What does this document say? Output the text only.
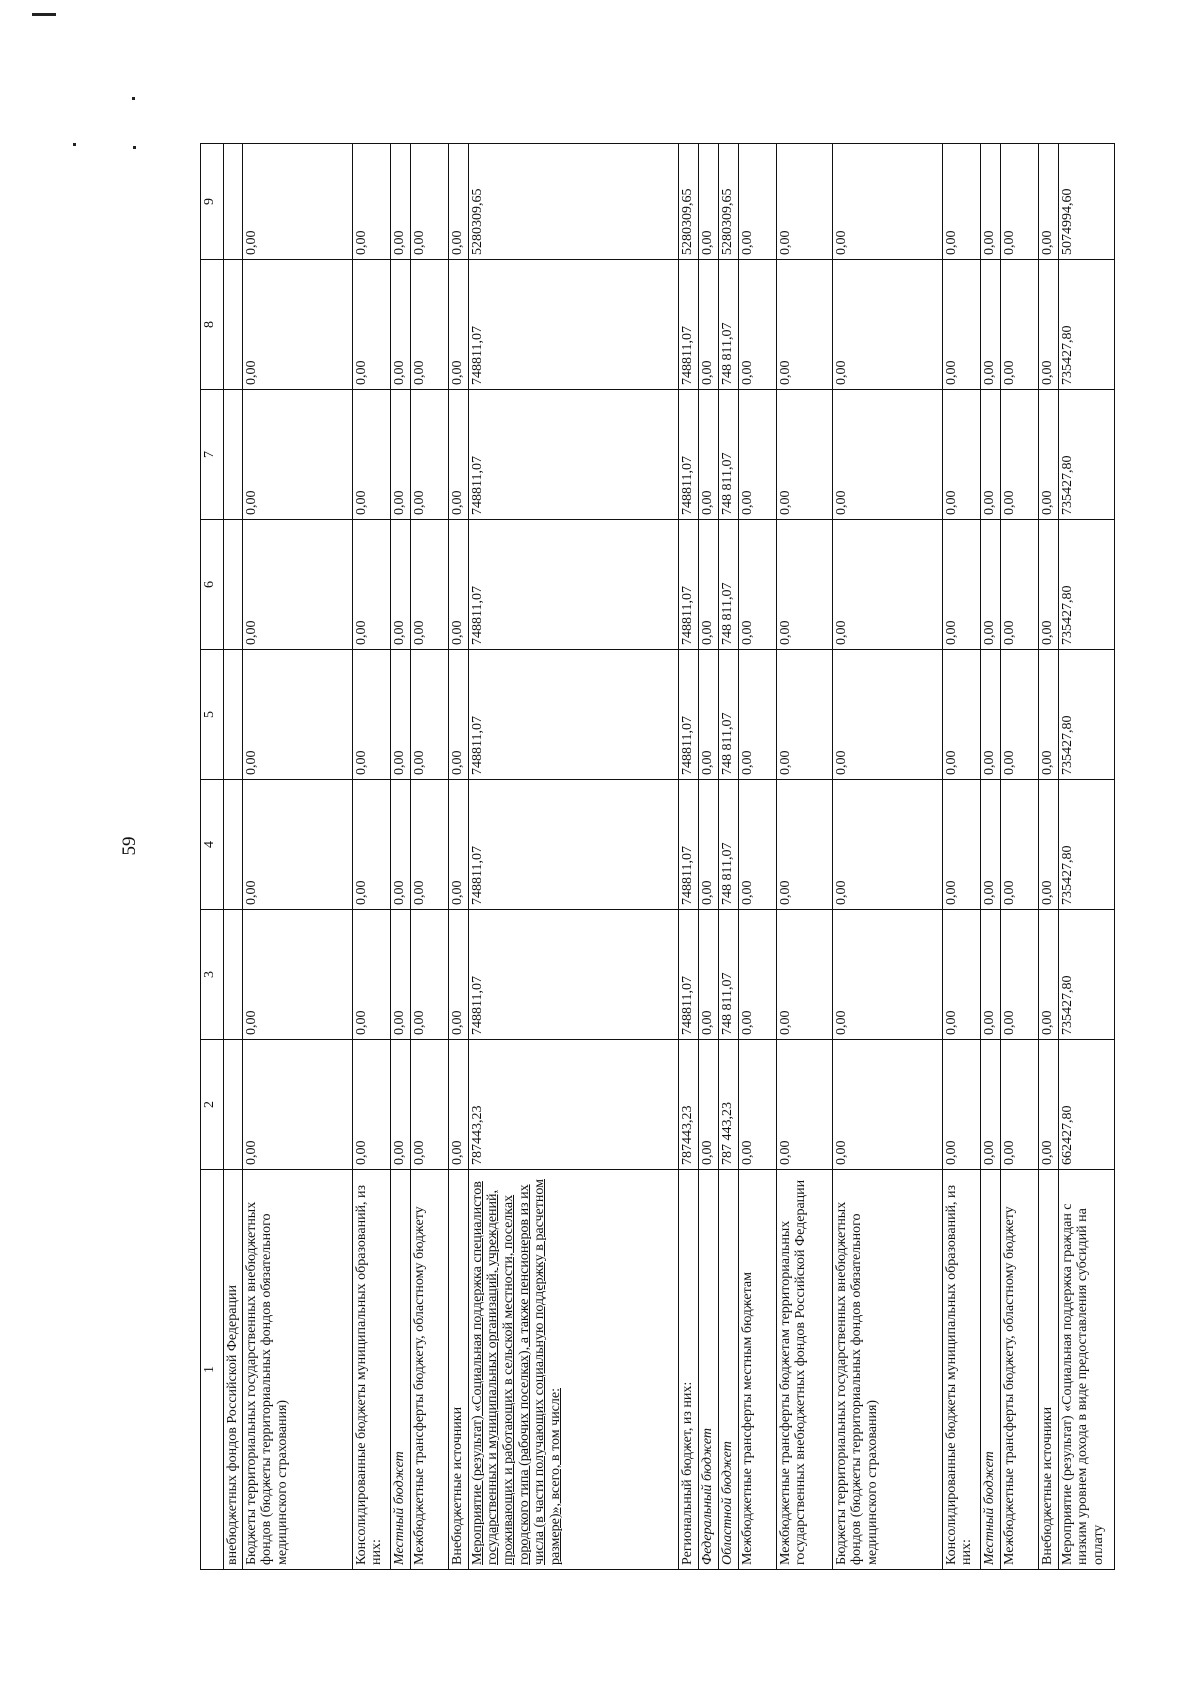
59
1	2	3	4	5	6	7	8	9
внебюджетных фондов Российской Федерации								
Бюджеты территориальных государственных внебюджетных фондов (бюджеты территориальных фондов обязательного медицинского страхования)	0,00	0,00	0,00	0,00	0,00	0,00	0,00	0,00
Консолидированные бюджеты муниципальных образований, из них:	0,00	0,00	0,00	0,00	0,00	0,00	0,00	0,00
Местный бюджет	0,00	0,00	0,00	0,00	0,00	0,00	0,00	0,00
Межбюджетные трансферты бюджету, областному бюджету	0,00	0,00	0,00	0,00	0,00	0,00	0,00	0,00
Внебюджетные источники	0,00	0,00	0,00	0,00	0,00	0,00	0,00	0,00
Мероприятие (результат) «Социальная поддержка специалистов государственных и муниципальных организаций, учреждений, проживающих и работающих в сельской местности, поселках городского типа (рабочих поселках), а также пенсионеров из их числа (в части получающих социальную поддержку в расчетном размере)», всего, в том числе:	787443,23	748811,07	748811,07	748811,07	748811,07	748811,07	748811,07	5280309,65
Региональный бюджет, из них:	787443,23	748811,07	748811,07	748811,07	748811,07	748811,07	748811,07	5280309,65
Федеральный бюджет	0,00	0,00	0,00	0,00	0,00	0,00	0,00	0,00
Областной бюджет	787 443,23	748 811,07	748 811,07	748 811,07	748 811,07	748 811,07	748 811,07	5280309,65
Межбюджетные трансферты местным бюджетам	0,00	0,00	0,00	0,00	0,00	0,00	0,00	0,00
Межбюджетные трансферты бюджетам территориальных государственных внебюджетных фондов Российской Федерации	0,00	0,00	0,00	0,00	0,00	0,00	0,00	0,00
Бюджеты территориальных государственных внебюджетных фондов (бюджеты территориальных фондов обязательного медицинского страхования)	0,00	0,00	0,00	0,00	0,00	0,00	0,00	0,00
Консолидированные бюджеты муниципальных образований, из них:	0,00	0,00	0,00	0,00	0,00	0,00	0,00	0,00
Местный бюджет	0,00	0,00	0,00	0,00	0,00	0,00	0,00	0,00
Межбюджетные трансферты бюджету, областному бюджету	0,00	0,00	0,00	0,00	0,00	0,00	0,00	0,00
Внебюджетные источники	0,00	0,00	0,00	0,00	0,00	0,00	0,00	0,00
Мероприятие (результат) «Социальная поддержка граждан с низким уровнем дохода в виде предоставления субсидий на оплату	662427,80	735427,80	735427,80	735427,80	735427,80	735427,80	735427,80	5074994,60
